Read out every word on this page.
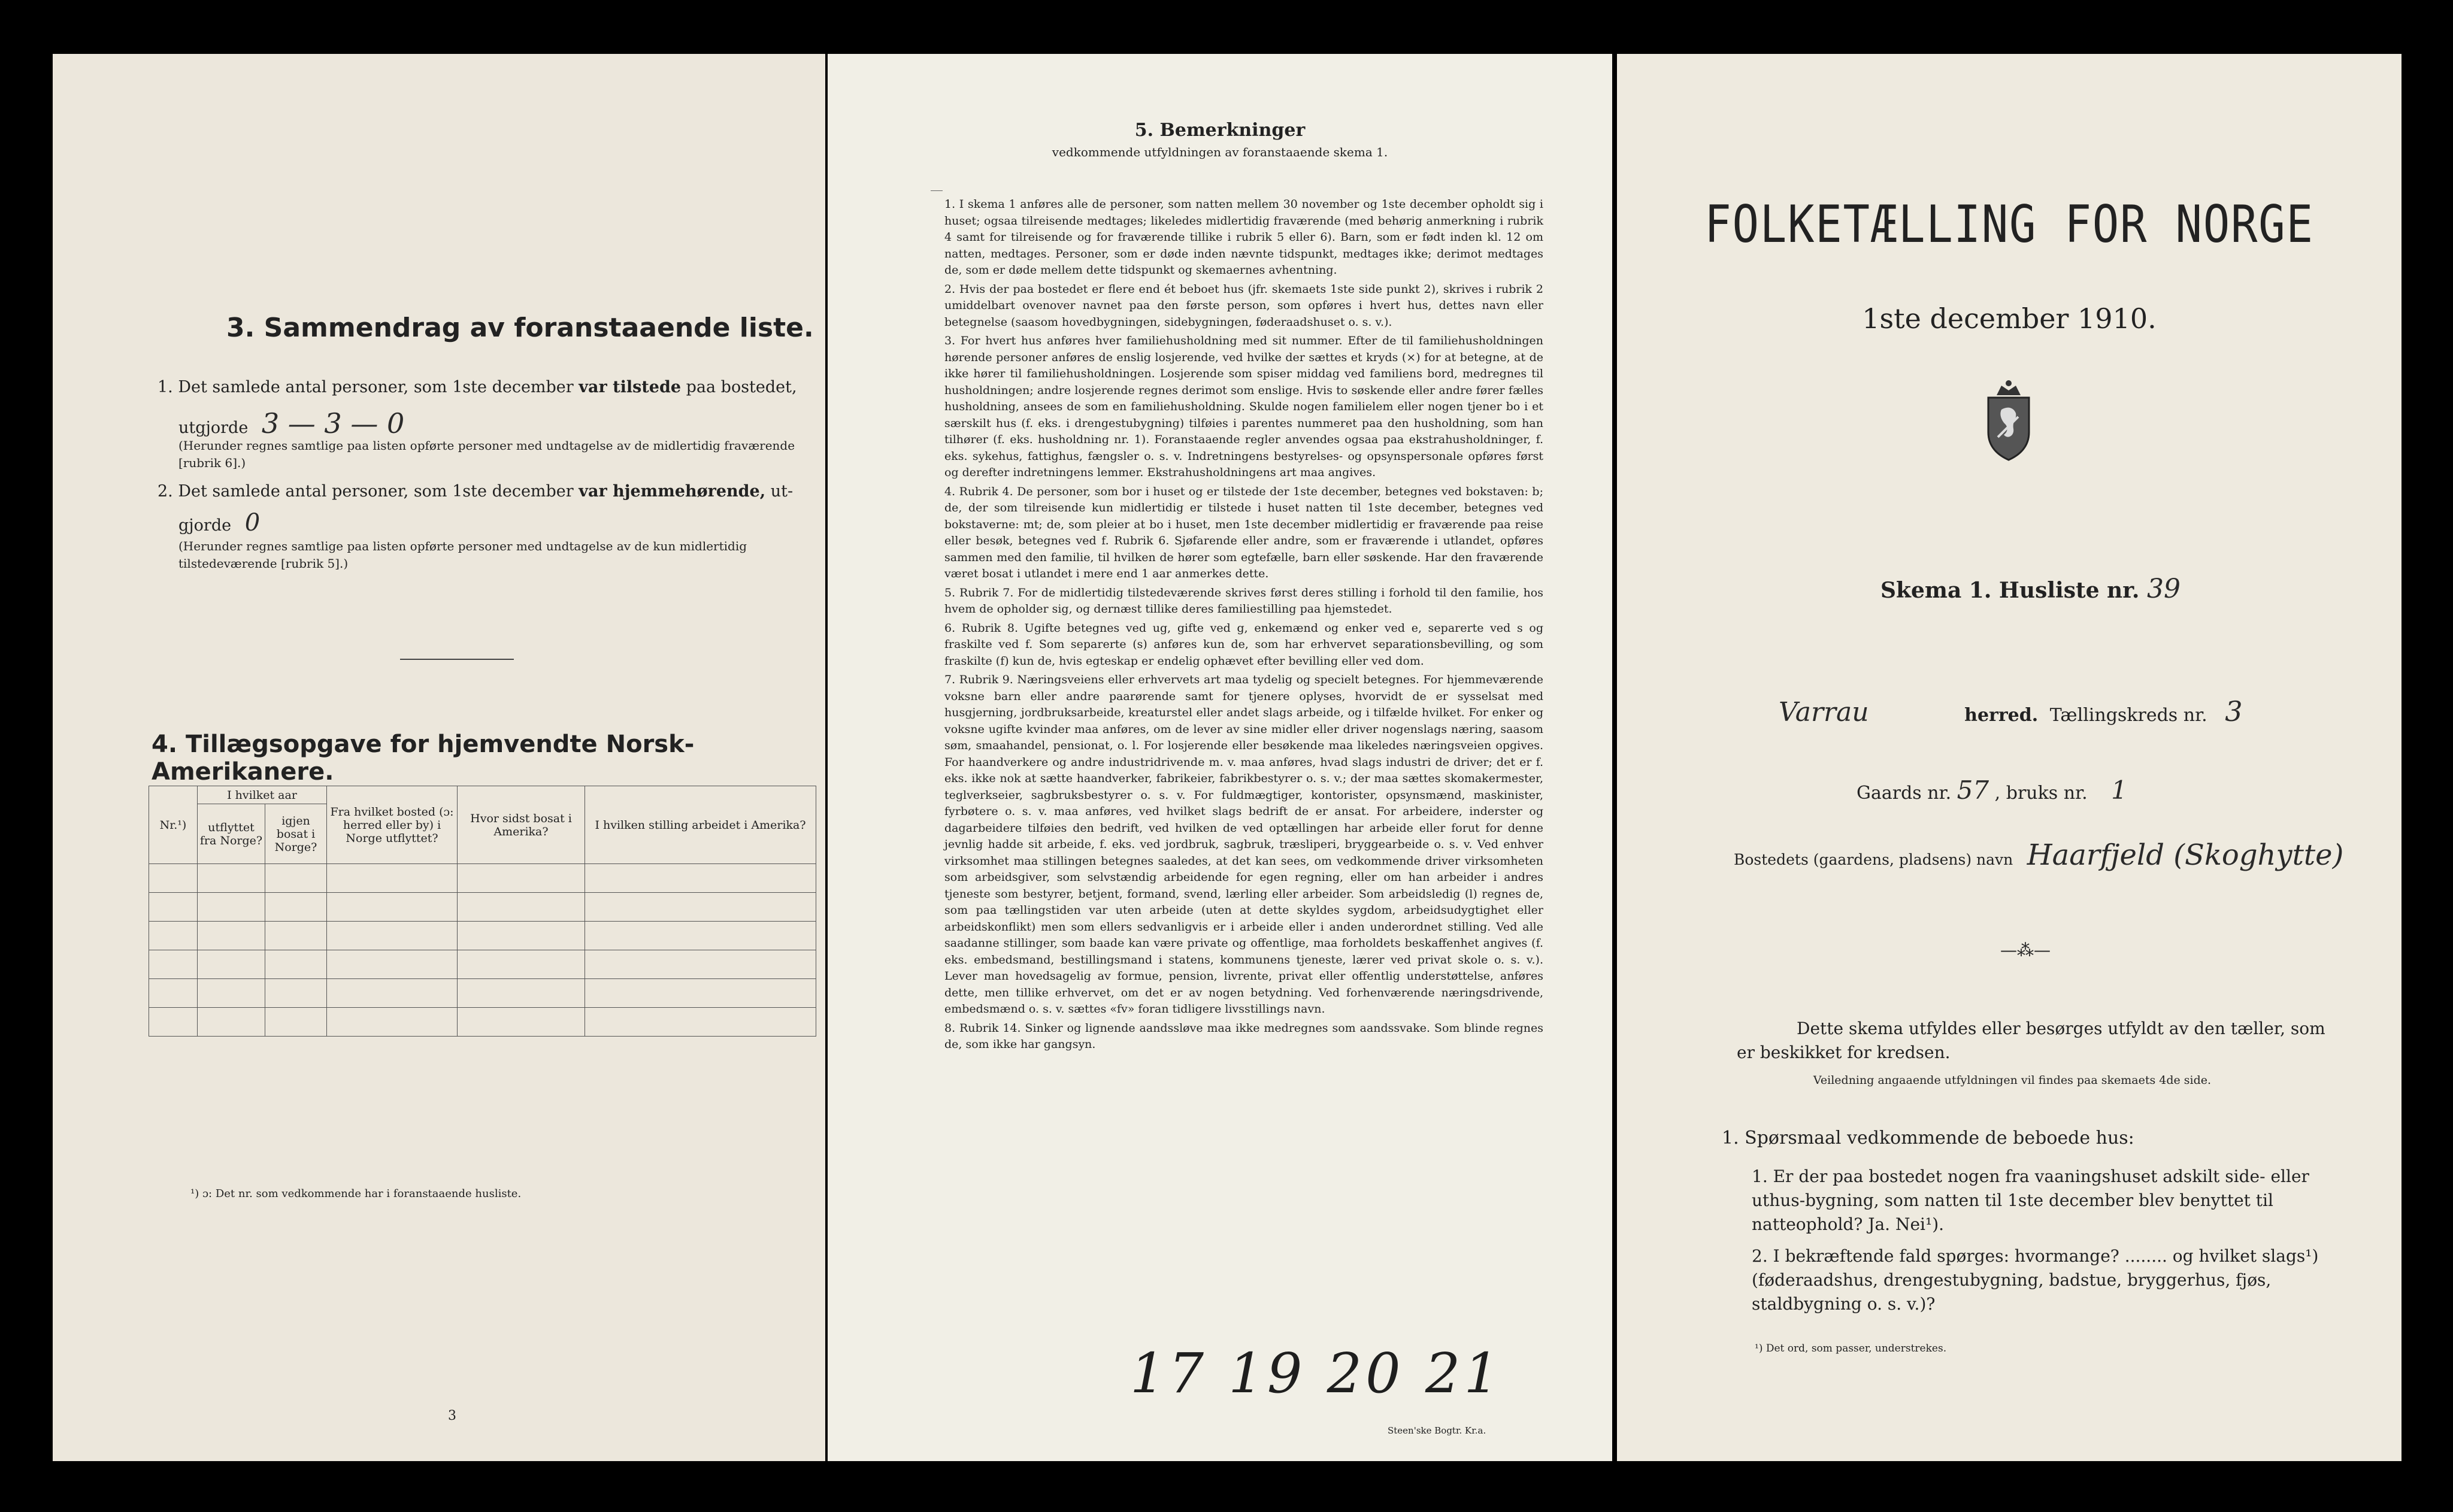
3. Sammendrag av foranstaaende liste.
1. Det samlede antal personer, som 1ste december var tilstede paa bostedet,
utgjorde 3 — 3 — 0
(Herunder regnes samtlige paa listen opførte personer med undtagelse av de midlertidig fraværende [rubrik 6].)
2. Det samlede antal personer, som 1ste december var hjemmehørende, ut-
gjorde 0
(Herunder regnes samtlige paa listen opførte personer med undtagelse av de kun midlertidig tilstedeværende [rubrik 5].)
4. Tillægsopgave for hjemvendte Norsk-Amerikanere.
Nr.¹)	I hvilket aar		Fra hvilket bosted (ɔ: herred eller by) i Norge utflyttet?	Hvor sidst bosat i Amerika?	I hvilken stilling arbeidet i Amerika?
	utflyttet fra Norge?	igjen bosat i Norge?			

¹) ɔ: Det nr. som vedkommende har i foranstaaende husliste.
3
5. Bemerkninger
vedkommende utfyldningen av foranstaaende skema 1.

1. I skema 1 anføres alle de personer, som natten mellem 30 november og 1ste december opholdt sig i huset; ogsaa tilreisende medtages; likeledes midlertidig fraværende (med behørig anmerkning i rubrik 4 samt for tilreisende og for fraværende tillike i rubrik 5 eller 6). Barn, som er født inden kl. 12 om natten, medtages. Personer, som er døde inden nævnte tidspunkt, medtages ikke; derimot medtages de, som er døde mellem dette tidspunkt og skemaernes avhentning.

2. Hvis der paa bostedet er flere end ét beboet hus (jfr. skemaets 1ste side punkt 2), skrives i rubrik 2 umiddelbart ovenover navnet paa den første person, som opføres i hvert hus, dettes navn eller betegnelse (saasom hovedbygningen, sidebygningen, føderaadshuset o. s. v.).

3. For hvert hus anføres hver familiehusholdning med sit nummer. Efter de til familiehusholdningen hørende personer anføres de enslig losjerende, ved hvilke der sættes et kryds (×) for at betegne, at de ikke hører til familiehusholdningen. Losjerende som spiser middag ved familiens bord, medregnes til husholdningen; andre losjerende regnes derimot som enslige. Hvis to søskende eller andre fører fælles husholdning, ansees de som en familiehusholdning. Skulde nogen familielem eller nogen tjener bo i et særskilt hus (f. eks. i drengestubygning) tilføies i parentes nummeret paa den husholdning, som han tilhører (f. eks. husholdning nr. 1). Foranstaaende regler anvendes ogsaa paa ekstrahusholdninger, f. eks. sykehus, fattighus, fængsler o. s. v. Indretningens bestyrelses- og opsynspersonale opføres først og derefter indretningens lemmer. Ekstrahusholdningens art maa angives.

4. Rubrik 4. De personer, som bor i huset og er tilstede der 1ste december, betegnes ved bokstaven: b; de, der som tilreisende kun midlertidig er tilstede i huset natten til 1ste december, betegnes ved bokstaverne: mt; de, som pleier at bo i huset, men 1ste december midlertidig er fraværende paa reise eller besøk, betegnes ved f. Rubrik 6. Sjøfarende eller andre, som er fraværende i utlandet, opføres sammen med den familie, til hvilken de hører som egtefælle, barn eller søskende. Har den fraværende været bosat i utlandet i mere end 1 aar anmerkes dette.

5. Rubrik 7. For de midlertidig tilstedeværende skrives først deres stilling i forhold til den familie, hos hvem de opholder sig, og dernæst tillike deres familiestilling paa hjemstedet.

6. Rubrik 8. Ugifte betegnes ved ug, gifte ved g, enkemænd og enker ved e, separerte ved s og fraskilte ved f. Som separerte (s) anføres kun de, som har erhvervet separationsbevilling, og som fraskilte (f) kun de, hvis egteskap er endelig ophævet efter bevilling eller ved dom.

7. Rubrik 9. Næringsveiens eller erhvervets art maa tydelig og specielt betegnes. For hjemmeværende voksne barn eller andre paarørende samt for tjenere oplyses, hvorvidt de er sysselsat med husgjerning, jordbruksarbeide, kreaturstel eller andet slags arbeide, og i tilfælde hvilket. For enker og voksne ugifte kvinder maa anføres, om de lever av sine midler eller driver nogenslags næring, saasom søm, smaahandel, pensionat, o. l. For losjerende eller besøkende maa likeledes næringsveien opgives. For haandverkere og andre industridrivende m. v. maa anføres, hvad slags industri de driver; det er f. eks. ikke nok at sætte haandverker, fabrikeier, fabrikbestyrer o. s. v.; der maa sættes skomakermester, teglverkseier, sagbruksbestyrer o. s. v. For fuldmægtiger, kontorister, opsynsmænd, maskinister, fyrbøtere o. s. v. maa anføres, ved hvilket slags bedrift de er ansat. For arbeidere, inderster og dagarbeidere tilføies den bedrift, ved hvilken de ved optællingen har arbeide eller forut for denne jevnlig hadde sit arbeide, f. eks. ved jordbruk, sagbruk, træsliperi, bryggearbeide o. s. v. Ved enhver virksomhet maa stillingen betegnes saaledes, at det kan sees, om vedkommende driver virksomheten som arbeidsgiver, som selvstændig arbeidende for egen regning, eller om han arbeider i andres tjeneste som bestyrer, betjent, formand, svend, lærling eller arbeider. Som arbeidsledig (l) regnes de, som paa tællingstiden var uten arbeide (uten at dette skyldes sygdom, arbeidsudygtighet eller arbeidskonflikt) men som ellers sedvanligvis er i arbeide eller i anden underordnet stilling. Ved alle saadanne stillinger, som baade kan være private og offentlige, maa forholdets beskaffenhet angives (f. eks. embedsmand, bestillingsmand i statens, kommunens tjeneste, lærer ved privat skole o. s. v.). Lever man hovedsagelig av formue, pension, livrente, privat eller offentlig understøttelse, anføres dette, men tillike erhvervet, om det er av nogen betydning. Ved forhenværende næringsdrivende, embedsmænd o. s. v. sættes «fv» foran tidligere livsstillings navn.

8. Rubrik 14. Sinker og lignende aandssløve maa ikke medregnes som aandssvake. Som blinde regnes de, som ikke har gangsyn.

17 19 20 21
Steen'ske Bogtr. Kr.a.
FOLKETÆLLING FOR NORGE
1ste december 1910.
Skema 1. Husliste nr. 39
Varrau	herred. Tællingskreds nr. 3
Gaards nr. 57 , bruks nr. 1
Bostedets (gaardens, pladsens) navn Haarfjeld (Skoghytte)
—⁂—
Dette skema utfyldes eller besørges utfyldt av den tæller, som er beskikket for kredsen.
Veiledning angaaende utfyldningen vil findes paa skemaets 4de side.
1. Spørsmaal vedkommende de beboede hus:
1. Er der paa bostedet nogen fra vaaningshuset adskilt side- eller uthus-bygning, som natten til 1ste december blev benyttet til natteophold? Ja. Nei¹).
2. I bekræftende fald spørges: hvormange? ........ og hvilket slags¹) (føderaadshus, drengestubygning, badstue, bryggerhus, fjøs, staldbygning o. s. v.)?
¹) Det ord, som passer, understrekes.
